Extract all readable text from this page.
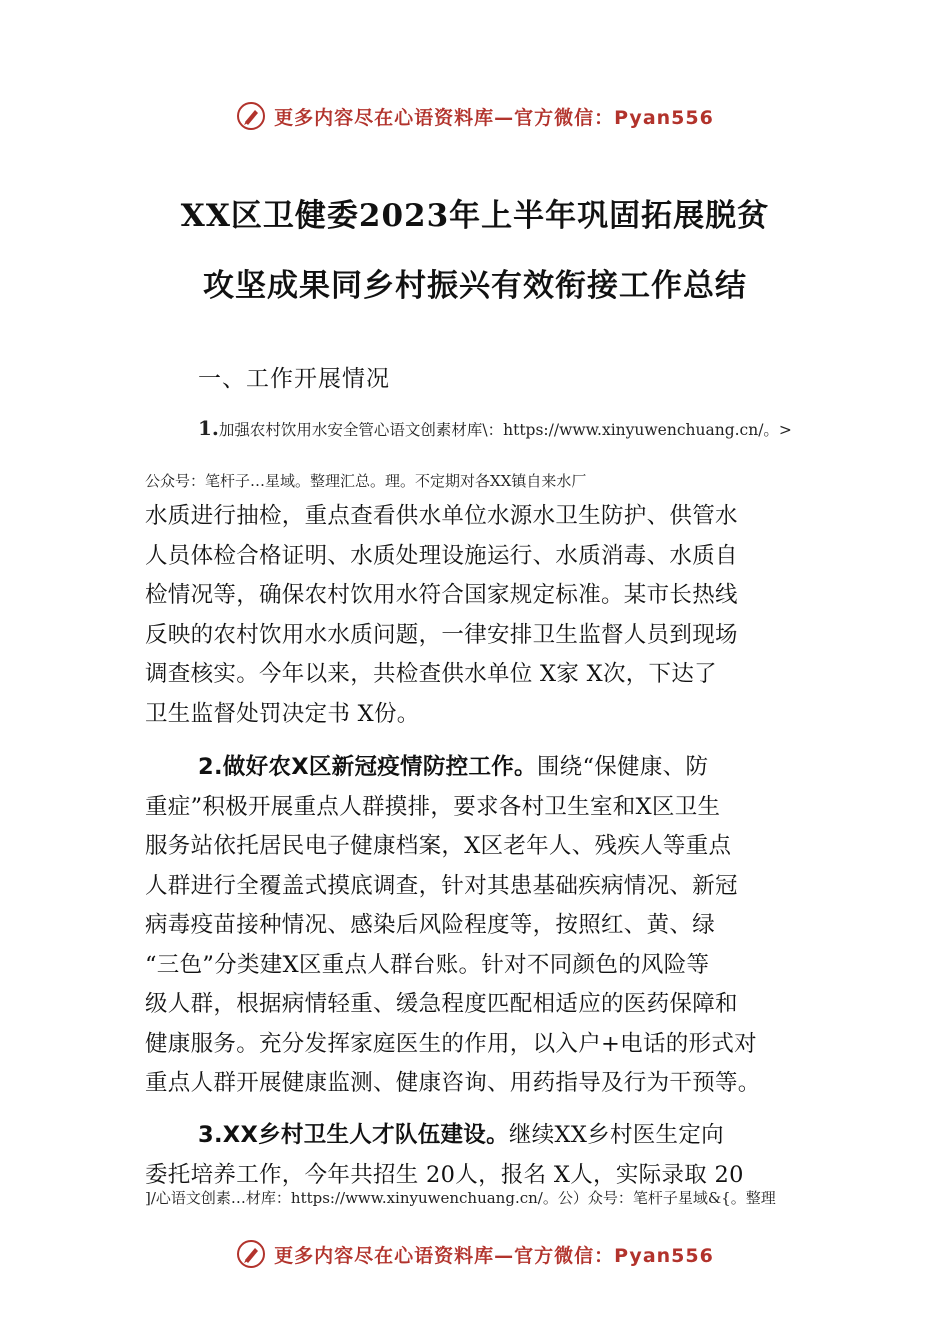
更多内容尽在心语资料库—官方微信：Pyan556
XX区卫健委2023年上半年巩固拓展脱贫
攻坚成果同乡村振兴有效衔接工作总结
一、工作开展情况
1.加强农村饮用水安全管心语文创素材库\：https://www.xinyuwenchuang.cn/。>
公众号：笔杆子…星域。整理汇总。理。不定期对各XX镇自来水厂

水质进行抽检，重点查看供水单位水源水卫生防护、供管水

人员体检合格证明、水质处理设施运行、水质消毒、水质自

检情况等，确保农村饮用水符合国家规定标准。某市长热线

反映的农村饮用水水质问题，一律安排卫生监督人员到现场

调查核实。今年以来，共检查供水单位 X家 X次，下达了

卫生监督处罚决定书 X份。

2.做好农X区新冠疫情防控工作。围绕“保健康、防

重症”积极开展重点人群摸排，要求各村卫生室和X区卫生

服务站依托居民电子健康档案，X区老年人、残疾人等重点

人群进行全覆盖式摸底调查，针对其患基础疾病情况、新冠

病毒疫苗接种情况、感染后风险程度等，按照红、黄、绿

“三色”分类建X区重点人群台账。针对不同颜色的风险等

级人群，根据病情轻重、缓急程度匹配相适应的医药保障和

健康服务。充分发挥家庭医生的作用，以入户+电话的形式对

重点人群开展健康监测、健康咨询、用药指导及行为干预等。

3.XX乡村卫生人才队伍建设。继续XX乡村医生定向

委托培养工作，今年共招生 20人，报名 X人，实际录取 20

]/心语文创素…材库：https://www.xinyuwenchuang.cn/。公）众号：笔杆子星域&{。整理
更多内容尽在心语资料库—官方微信：Pyan556
